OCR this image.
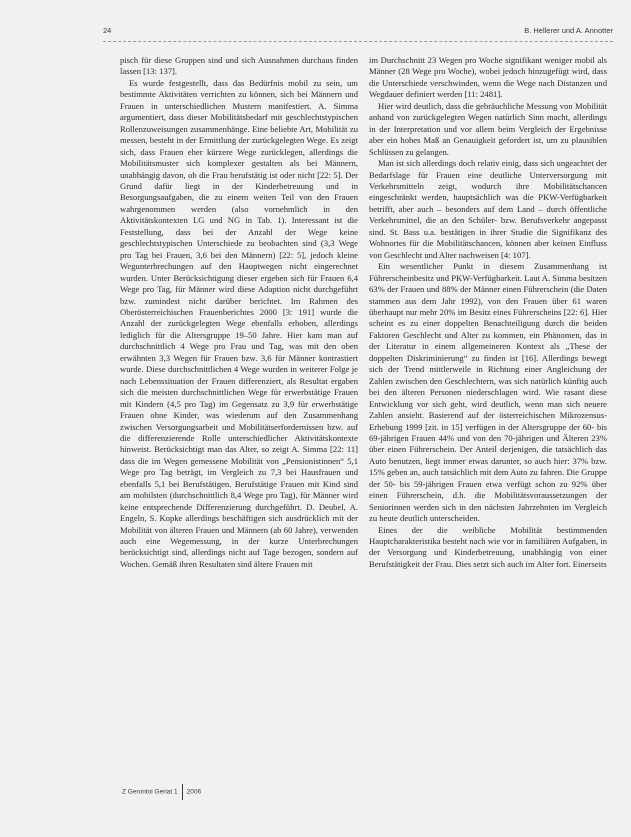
24	B. Hellerer und A. Annotter

pisch für diese Gruppen sind und sich Ausnahmen durchaus finden lassen [13: 137].

Es wurde festgestellt, dass das Bedürfnis mobil zu sein, um bestimmte Aktivitäten verrichten zu können, sich bei Männern und Frauen in unterschiedlichen Mustern manifestiert. A. Simma argumentiert, dass dieser Mobilitätsbedarf mit geschlechtstypischen Rollenzuweisungen zusammenhänge. Eine beliebte Art, Mobilität zu messen, besteht in der Ermittlung der zurückgelegten Wege. Es zeigt sich, dass Frauen eher kürzere Wege zurücklegen, allerdings die Mobilitätsmuster sich komplexer gestalten als bei Männern, unabhängig davon, ob die Frau berufstätig ist oder nicht [22: 5]. Der Grund dafür liegt in der Kinderbetreuung und in Besorgungsaufgaben, die zu einem weiten Teil von den Frauen wahrgenommen werden (also vornehmlich in den Aktivitätskontexten LG und NG in Tab. 1). Interessant ist die Feststellung, dass bei der Anzahl der Wege keine geschlechtstypischen Unterschiede zu beobachten sind (3,3 Wege pro Tag bei Frauen, 3,6 bei den Männern) [22: 5], jedoch kleine Wegunterbrechungen auf den Hauptwegen nicht eingerechnet wurden. Unter Berücksichtigung dieser ergeben sich für Frauen 6,4 Wege pro Tag, für Männer wird diese Adaption nicht durchgeführt bzw. zumindest nicht darüber berichtet. Im Rahmen des Oberösterreichischen Frauenberichtes 2000 [3: 191] wurde die Anzahl der zurückgelegten Wege ebenfalls erhoben, allerdings lediglich für die Altersgruppe 19–50 Jahre. Hier kam man auf durchschnittlich 4 Wege pro Frau und Tag, was mit den oben erwähnten 3,3 Wegen für Frauen bzw. 3,6 für Männer kontrastiert wurde. Diese durchschnittlichen 4 Wege wurden in weiterer Folge je nach Lebenssituation der Frauen differenziert, als Resultat ergaben sich die meisten durchschnittlichen Wege für erwerbstätige Frauen mit Kindern (4,5 pro Tag) im Gegensatz zu 3,9 für erwerbstätige Frauen ohne Kinder, was wiederum auf den Zusammenhang zwischen Versorgungsarbeit und Mobilitätserfordernissen bzw. auf die differenzierende Rolle unterschiedlicher Aktivitätskontexte hinweist. Berücksichtigt man das Alter, so zeigt A. Simma [22: 11] dass die im Wegen gemessene Mobilität von „Pensionistinnen“ 5,1 Wege pro Tag beträgt, im Vergleich zu 7,3 bei Hausfrauen und ebenfalls 5,1 bei Berufstätigen. Berufstätige Frauen mit Kind sind am mobilsten (durchschnittlich 8,4 Wege pro Tag), für Männer wird keine entsprechende Differenzierung durchgeführt. D. Deubel, A. Engeln, S. Kopke allerdings beschäftigen sich ausdrücklich mit der Mobilität von älteren Frauen und Männern (ab 60 Jahre), verwenden auch eine Wegemessung, in der kurze Unterbrechungen berücksichtigt sind, allerdings nicht auf Tage bezogen, sondern auf Wochen. Gemäß ihren Resultaten sind ältere Frauen mit

im Durchschnitt 23 Wegen pro Woche signifikant weniger mobil als Männer (28 Wege pro Woche), wobei jedoch hinzugefügt wird, dass die Unterschiede verschwinden, wenn die Wege nach Distanzen und Wegdauer definiert werden [11: 2481].

Hier wird deutlich, dass die gebräuchliche Messung von Mobilität anhand von zurückgelegten Wegen natürlich Sinn macht, allerdings in der Interpretation und vor allem beim Vergleich der Ergebnisse aber ein hohes Maß an Genauigkeit gefordert ist, um zu plausiblen Schlüssen zu gelangen.

Man ist sich allerdings doch relativ einig, dass sich ungeachtet der Bedarfslage für Frauen eine deutliche Unterversorgung mit Verkehrsmitteln zeigt, wodurch ihre Mobilitätschancen eingeschränkt werden, hauptsächlich was die PKW-Verfügbarkeit betrifft, aber auch – besonders auf dem Land – durch öffentliche Verkehrsmittel, die an den Schüler- bzw. Berufsverkehr angepasst sind. St. Bass u.a. bestätigen in ihrer Studie die Signifikanz des Wohnortes für die Mobilitätschancen, können aber keinen Einfluss von Geschlecht und Alter nachweisen [4: 107].

Ein wesentlicher Punkt in diesem Zusammenhang ist Führerscheinbesitz und PKW-Verfügbarkeit. Laut A. Simma besitzen 63% der Frauen und 88% der Männer einen Führerschein (die Daten stammen aus dem Jahr 1992), von den Frauen über 61 waren überhaupt nur mehr 20% im Besitz eines Führerscheins [22: 6]. Hier scheint es zu einer doppelten Benachteiligung durch die beiden Faktoren Geschlecht und Alter zu kommen, ein Phänomen, das in der Literatur in einem allgemeineren Kontext als „These der doppelten Diskriminierung“ zu finden ist [16]. Allerdings bewegt sich der Trend mittlerweile in Richtung einer Angleichung der Zahlen zwischen den Geschlechtern, was sich natürlich künftig auch bei den älteren Personen niederschlagen wird. Wie rasant diese Entwicklung vor sich geht, wird deutlich, wenn man sich neuere Zahlen ansieht. Basierend auf der österreichischen Mikrozensus-Erhebung 1999 [zit. in 15] verfügen in der Altersgruppe der 60- bis 69-jährigen Frauen 44% und von den 70-jährigen und Älteren 23% über einen Führerschein. Der Anteil derjenigen, die tatsächlich das Auto benutzen, liegt immer etwas darunter, so auch hier: 37% bzw. 15% geben an, auch tatsächlich mit dem Auto zu fahren. Die Gruppe der 50- bis 59-jährigen Frauen etwa verfügt schon zu 92% über einen Führerschein, d.h. die Mobilitätsvoraussetzungen der Seniorinnen werden sich in den nächsten Jahrzehnten im Vergleich zu heute deutlich unterscheiden.

Eines der die weibliche Mobilität bestimmenden Hauptcharakteristika besteht nach wie vor in familiären Aufgaben, in der Versorgung und Kinderbetreuung, unabhängig von einer Berufstätigkeit der Frau. Dies setzt sich auch im Alter fort. Einerseits

Z Gerontol Geriat 1 2006
